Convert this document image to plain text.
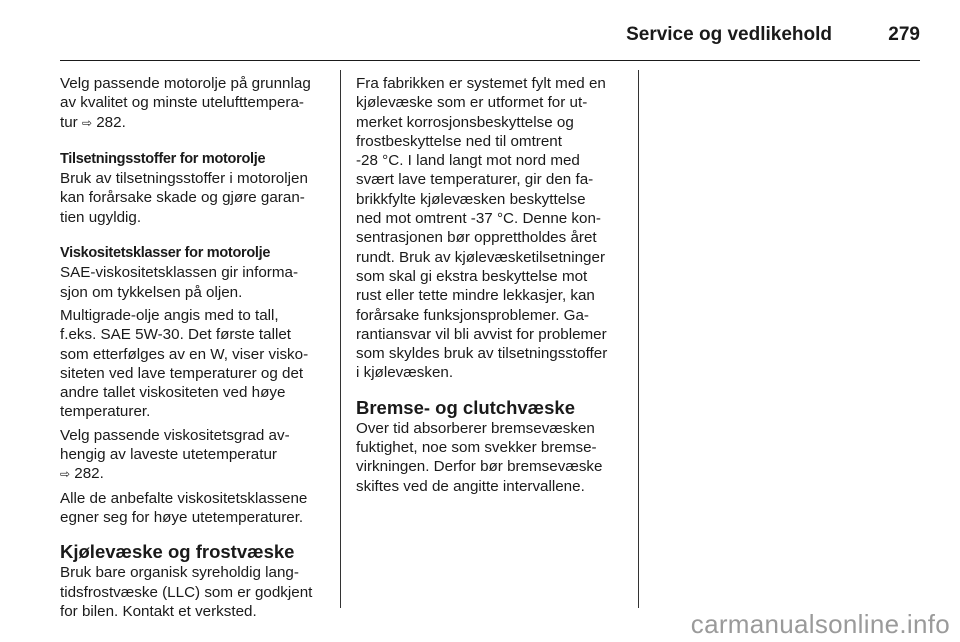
Service og vedlikehold	279

Velg passende motorolje på grunnlag
av kvalitet og minste utelufttempera-
tur ⇨ 282.

Tilsetningsstoffer for motorolje
Bruk av tilsetningsstoffer i motoroljen
kan forårsake skade og gjøre garan-
tien ugyldig.

Viskositetsklasser for motorolje
SAE-viskositetsklassen gir informa-
sjon om tykkelsen på oljen.

Multigrade-olje angis med to tall,
f.eks. SAE 5W-30. Det første tallet
som etterfølges av en W, viser visko-
siteten ved lave temperaturer og det
andre tallet viskositeten ved høye
temperaturer.

Velg passende viskositetsgrad av-
hengig av laveste utetemperatur
⇨ 282.

Alle de anbefalte viskositetsklassene
egner seg for høye utetemperaturer.

Kjølevæske og frostvæske

Bruk bare organisk syreholdig lang-
tidsfrostvæske (LLC) som er godkjent
for bilen. Kontakt et verksted.

Fra fabrikken er systemet fylt med en
kjølevæske som er utformet for ut-
merket korrosjonsbeskyttelse og
frostbeskyttelse ned til omtrent
-28 °C. I land langt mot nord med
svært lave temperaturer, gir den fa-
brikkfylte kjølevæsken beskyttelse
ned mot omtrent -37 °C. Denne kon-
sentrasjonen bør opprettholdes året
rundt. Bruk av kjølevæsketilsetninger
som skal gi ekstra beskyttelse mot
rust eller tette mindre lekkasjer, kan
forårsake funksjonsproblemer. Ga-
rantiansvar vil bli avvist for problemer
som skyldes bruk av tilsetningsstoffer
i kjølevæsken.

Bremse- og clutchvæske

Over tid absorberer bremsevæsken
fuktighet, noe som svekker bremse-
virkningen. Derfor bør bremsevæske
skiftes ved de angitte intervallene.

carmanualsonline.info
